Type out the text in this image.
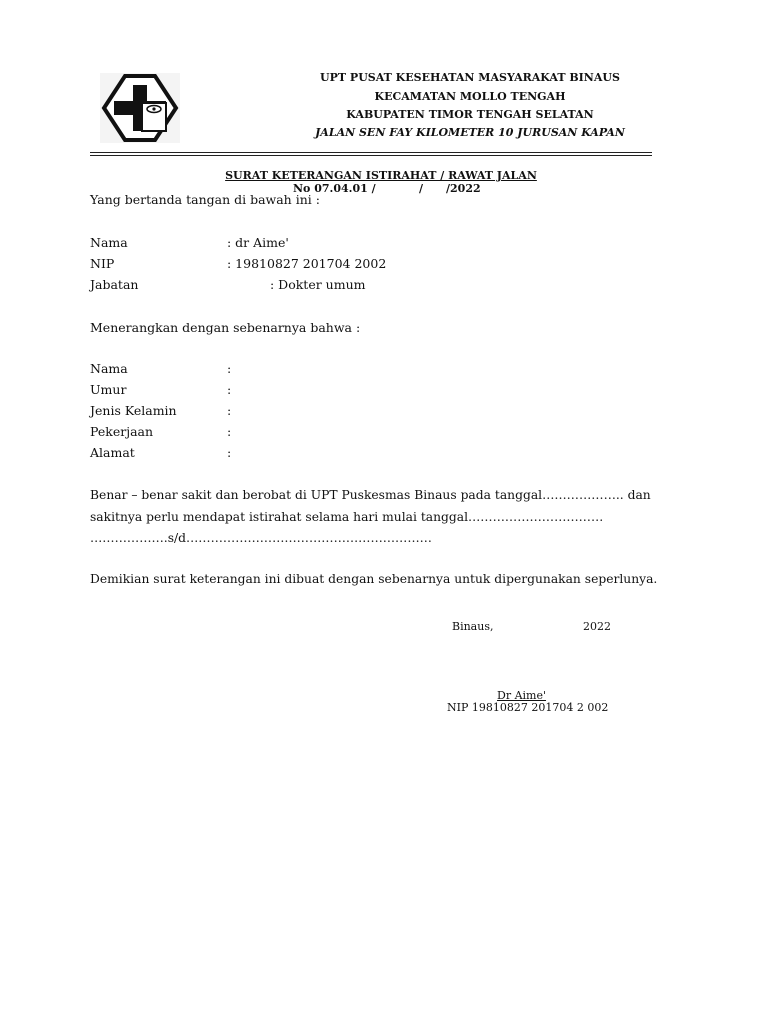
UPT PUSAT KESEHATAN MASYARAKAT BINAUS
KECAMATAN MOLLO TENGAH
KABUPATEN TIMOR TENGAH SELATAN
JALAN SEN FAY KILOMETER 10 JURUSAN KAPAN
SURAT KETERANGAN ISTIRAHAT / RAWAT JALAN
No 07.04.01 /	/ /2022
Yang bertanda tangan di bawah ini :
Nama	: dr Aime'
NIP	: 19810827 201704 2002
Jabatan	: Dokter umum
Menerangkan dengan sebenarnya bahwa :
Nama	:
Umur	:
Jenis Kelamin	:
Pekerjaan	:
Alamat	:
Benar – benar sakit dan berobat di UPT Puskesmas Binaus pada tanggal……………….. dan
sakitnya perlu mendapat istirahat selama hari mulai tanggal……………………………
……………….s/d……………………………………………………
Demikian surat keterangan ini dibuat dengan sebenarnya untuk dipergunakan seperlunya.
Binaus,	2022
Dr Aime'
NIP 19810827 201704 2 002
